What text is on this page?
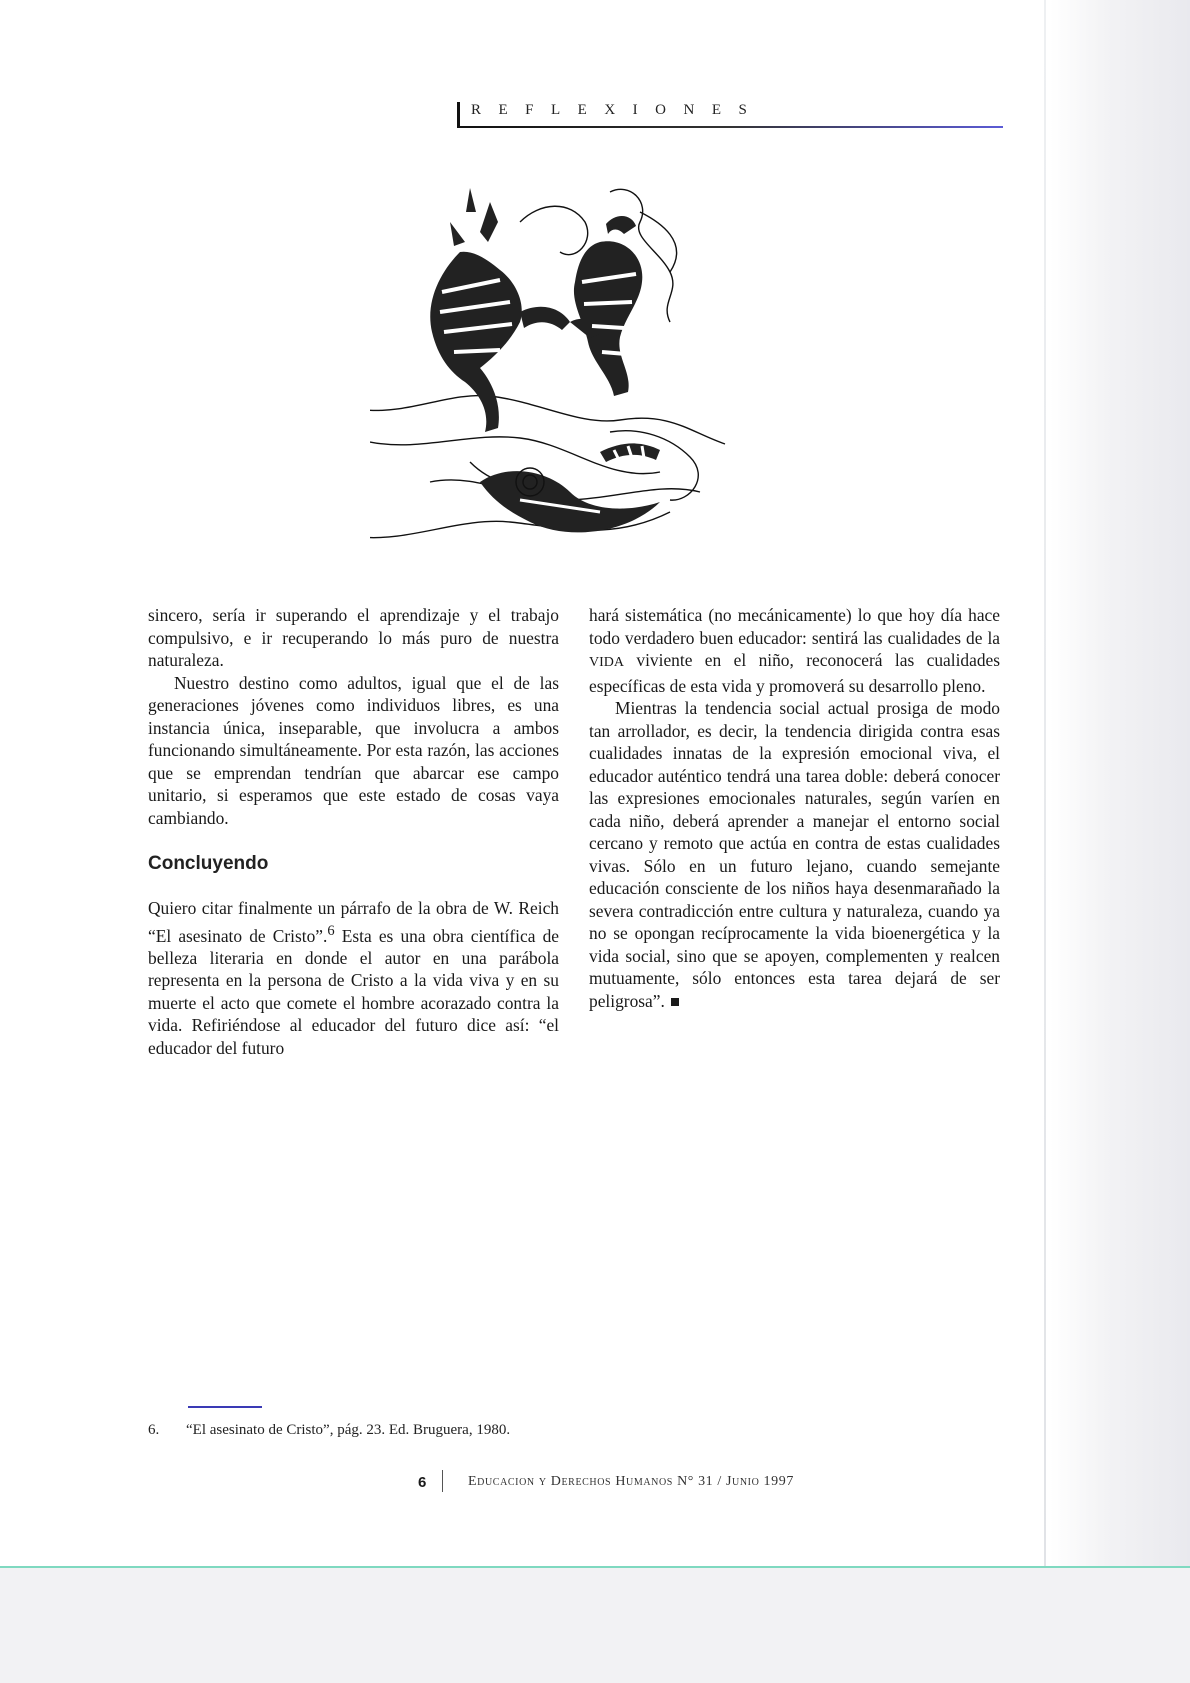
REFLEXIONES

sincero, sería ir superando el aprendizaje y el trabajo compulsivo, e ir recuperando lo más puro de nuestra naturaleza.

Nuestro destino como adultos, igual que el de las generaciones jóvenes como individuos libres, es una instancia única, inseparable, que involucra a ambos funcionando simultáneamente. Por esta razón, las acciones que se emprendan tendrían que abarcar ese campo unitario, si esperamos que este estado de cosas vaya cambiando.

Concluyendo

Quiero citar finalmente un párrafo de la obra de W. Reich “El asesinato de Cristo”.$^6$ Esta es una obra científica de belleza literaria en donde el autor en una parábola representa en la persona de Cristo a la vida viva y en su muerte el acto que comete el hombre acorazado contra la vida. Refiriéndose al educador del futuro dice así: “el educador del futuro

hará sistemática (no mecánicamente) lo que hoy día hace todo verdadero buen educador: sentirá las cualidades de la VIDA viviente en el niño, reconocerá las cualidades específicas de esta vida y promoverá su desarrollo pleno.

Mientras la tendencia social actual prosiga de modo tan arrollador, es decir, la tendencia dirigida contra esas cualidades innatas de la expresión emocional viva, el educador auténtico tendrá una tarea doble: deberá conocer las expresiones emocionales naturales, según varíen en cada niño, deberá aprender a manejar el entorno social cercano y remoto que actúa en contra de estas cualidades vivas. Sólo en un futuro lejano, cuando semejante educación consciente de los niños haya desenmarañado la severa contradicción entre cultura y naturaleza, cuando ya no se opongan recíprocamente la vida bioenergética y la vida social, sino que se apoyen, complementen y realcen mutuamente, sólo entonces esta tarea dejará de ser peligrosa”.

6. “El asesinato de Cristo”, pág. 23. Ed. Bruguera, 1980.
6	Educacion y Derechos Humanos N° 31 / Junio 1997
